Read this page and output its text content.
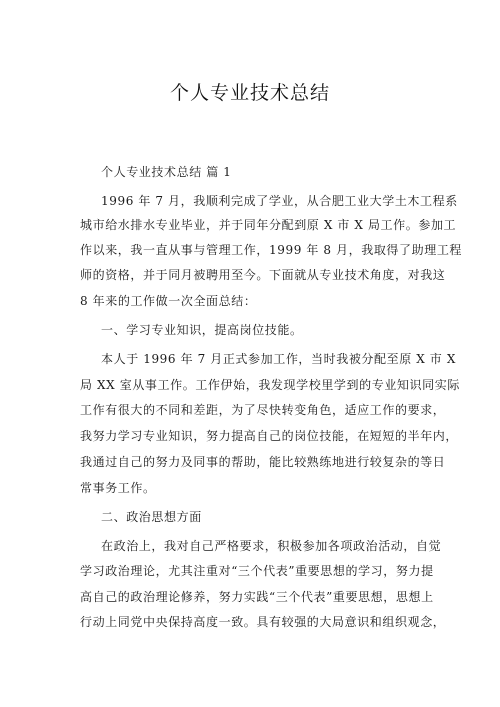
个人专业技术总结
个人专业技术总结 篇 1
1996 年 7 月，我顺利完成了学业，从合肥工业大学土木工程系
城市给水排水专业毕业，并于同年分配到原 X 市 X 局工作。参加工
作以来，我一直从事与管理工作，1999 年 8 月，我取得了助理工程
师的资格，并于同月被聘用至今。下面就从专业技术角度，对我这
8 年来的工作做一次全面总结：
一、学习专业知识，提高岗位技能。
本人于 1996 年 7 月正式参加工作，当时我被分配至原 X 市 X
局 XX 室从事工作。工作伊始，我发现学校里学到的专业知识同实际
工作有很大的不同和差距，为了尽快转变角色，适应工作的要求，
我努力学习专业知识，努力提高自己的岗位技能，在短短的半年内，
我通过自己的努力及同事的帮助，能比较熟练地进行较复杂的等日
常事务工作。
二、政治思想方面
在政治上，我对自己严格要求，积极参加各项政治活动，自觉
学习政治理论，尤其注重对“三个代表”重要思想的学习，努力提
高自己的政治理论修养，努力实践“三个代表”重要思想，思想上
行动上同党中央保持高度一致。具有较强的大局意识和组织观念，
